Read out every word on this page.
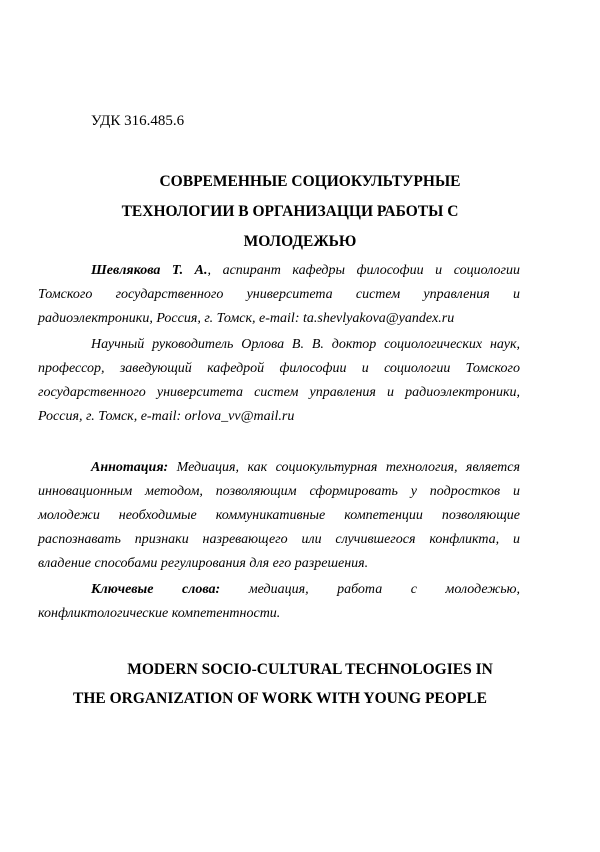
УДК 316.485.6
СОВРЕМЕННЫЕ СОЦИОКУЛЬТУРНЫЕ
ТЕХНОЛОГИИ В ОРГАНИЗАЦЦИ РАБОТЫ С
МОЛОДЕЖЬЮ
Шевлякова Т. А., аспирант кафедры философии и социологии
Томского государственного университета систем управления и
радиоэлектроники, Россия, г. Томск, e-mail: ta.shevlyakova@yandex.ru
Научный руководитель Орлова В. В. доктор социологических наук,
профессор, заведующий кафедрой философии и социологии Томского
государственного университета систем управления и радиоэлектроники,
Россия, г. Томск, e-mail: orlova_vv@mail.ru
Аннотация: Медиация, как социокультурная технология, является
инновационным методом, позволяющим сформировать у подростков и
молодежи необходимые коммуникативные компетенции позволяющие
распознавать признаки назревающего или случившегося конфликта, и
владение способами регулирования для его разрешения.
Ключевые слова: медиация, работа с молодежью,
конфликтологические компетентности.
MODERN SOCIO-CULTURAL TECHNOLOGIES IN
THE ORGANIZATION OF WORK WITH YOUNG PEOPLE
